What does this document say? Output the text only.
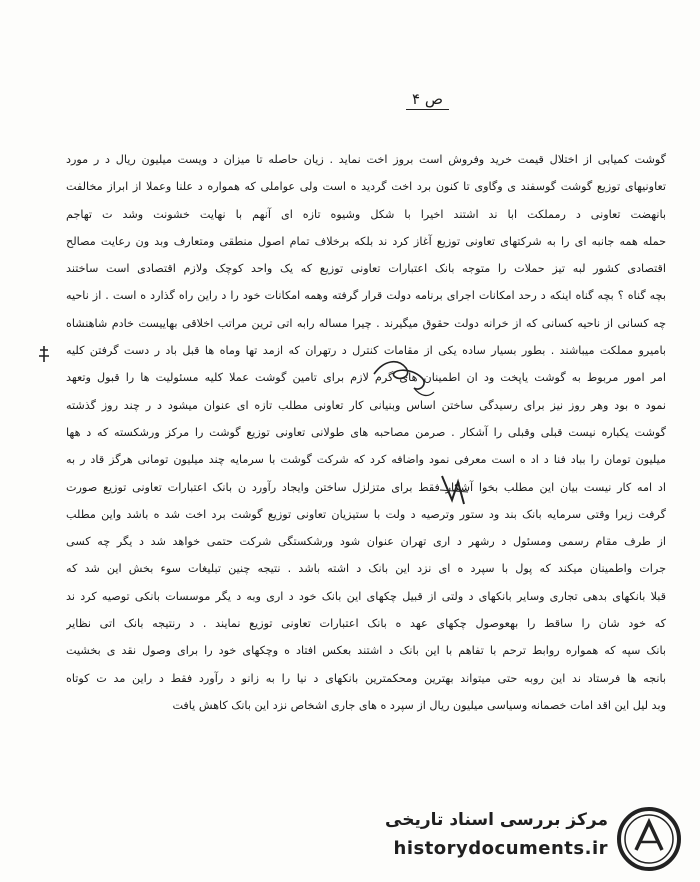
ص ۴
گوشت کمیابی از اختلال قیمت خرید وفروش است بروز اخت نماید . زیان حاصله تا میزان د ویست میلیون ریال د ر مورد
تعاونیهای توزیع گوشت گوسفند ی وگاوی تا کنون برد اخت گردید ه است ولی عواملی که همواره د علنا وعملا از ابراز مخالفت
بانهضت تعاونی د رمملکت ابا ند اشتند اخیرا با شکل وشیوه تازه ای آنهم با نهایت خشونت وشد ت تهاجم
حمله همه جانبه ای را به شرکتهای تعاونی توزیع آغاز کرد ند بلکه برخلاف تمام اصول منطقی ومتعارف وبد ون رعایت مصالح
اقتصادی کشور لبه تیز حملات را متوجه بانک اعتبارات تعاونی توزیع که یک واحد کوچک ولازم اقتصادی است ساختند
بچه گناه ؟ بچه گناه اینکه د رحد امکانات اجرای برنامه دولت قرار گرفته وهمه امکانات خود را د راین راه گذارد ه است . از ناحیه
چه کسانی از ناحیه کسانی که از خرانه دولت حقوق میگیرند . چیرا مساله رابه اتی ترین مراتب اخلاقی بهاییست خادم شاهنشاه
بامیرو مملکت میباشند . بطور بسیار ساده یکی از مقامات کنترل د رتهران که ازمد تها وماه ها قبل باد ر دست گرفتن کلیه
امر امور مربوط به گوشت یاپخت ود ان اطمینان های گرم لازم برای تامین گوشت عملا کلیه مسئولیت ها را قبول وتعهد
نمود ه بود وهر روز نیز برای رسیدگی ساختن اساس وبنیانی کار تعاونی مطلب تازه ای عنوان میشود د ر چند روز گذشته
گوشت یکباره نیست قبلی وقبلی را آشکار . صرمن مصاحبه های طولانی تعاونی توزیع گوشت را مرکز ورشکسته که د هها
میلیون تومان را بباد فنا د اد ه است معرفی نمود واضافه کرد که شرکت گوشت با سرمایه چند میلیون تومانی هرگز قاد ر به
اد امه کار نیست بیان این مطلب بخوا آشکار فقط برای متزلزل ساختن وایجاد رآورد ن بانک اعتبارات تعاونی توزیع صورت
گرفت زیرا وقتی سرمایه بانک بند ود ستور وترصیه د ولت با ستیزیان تعاونی توزیع گوشت برد اخت شد ه باشد واین مطلب
از طرف مقام رسمی ومسئول د رشهر د اری تهران عنوان شود ورشکستگی شرکت حتمی خواهد شد د یگر چه کسی
جرات واطمینان میکند که پول با سپرد ه ای نزد این بانک د اشته باشد . نتیجه چنین تبلیغات سوء بخش این شد که
قبلا بانکهای بدهی تجاری وسایر بانکهای د ولتی از قبیل چکهای این بانک خود د اری وبه د یگر موسسات بانکی توصیه کرد ند
که خود شان را ساقط را بهعوصول چکهای عهد ه بانک اعتبارات تعاونی توزیع نمایند . د رنتیجه بانک اتی نظایر
بانک سپه که همواره روابط ترحم با تفاهم با این بانک د اشتند بعکس افتاد ه وچکهای خود را برای وصول نقد ی بخشیت
بانجه ها فرستاد ند این روبه حتی میتواند بهترین ومحکمترین بانکهای د نیا را به زانو د رآورد فقط د راین مد ت کوتاه
وبد لیل این اقد امات خصمانه وسیاسی میلیون ریال از سپرد ه های جاری اشخاص نزد این بانک کاهش یافت
مرکز بررسی اسناد تاریخی
historydocuments.ir
